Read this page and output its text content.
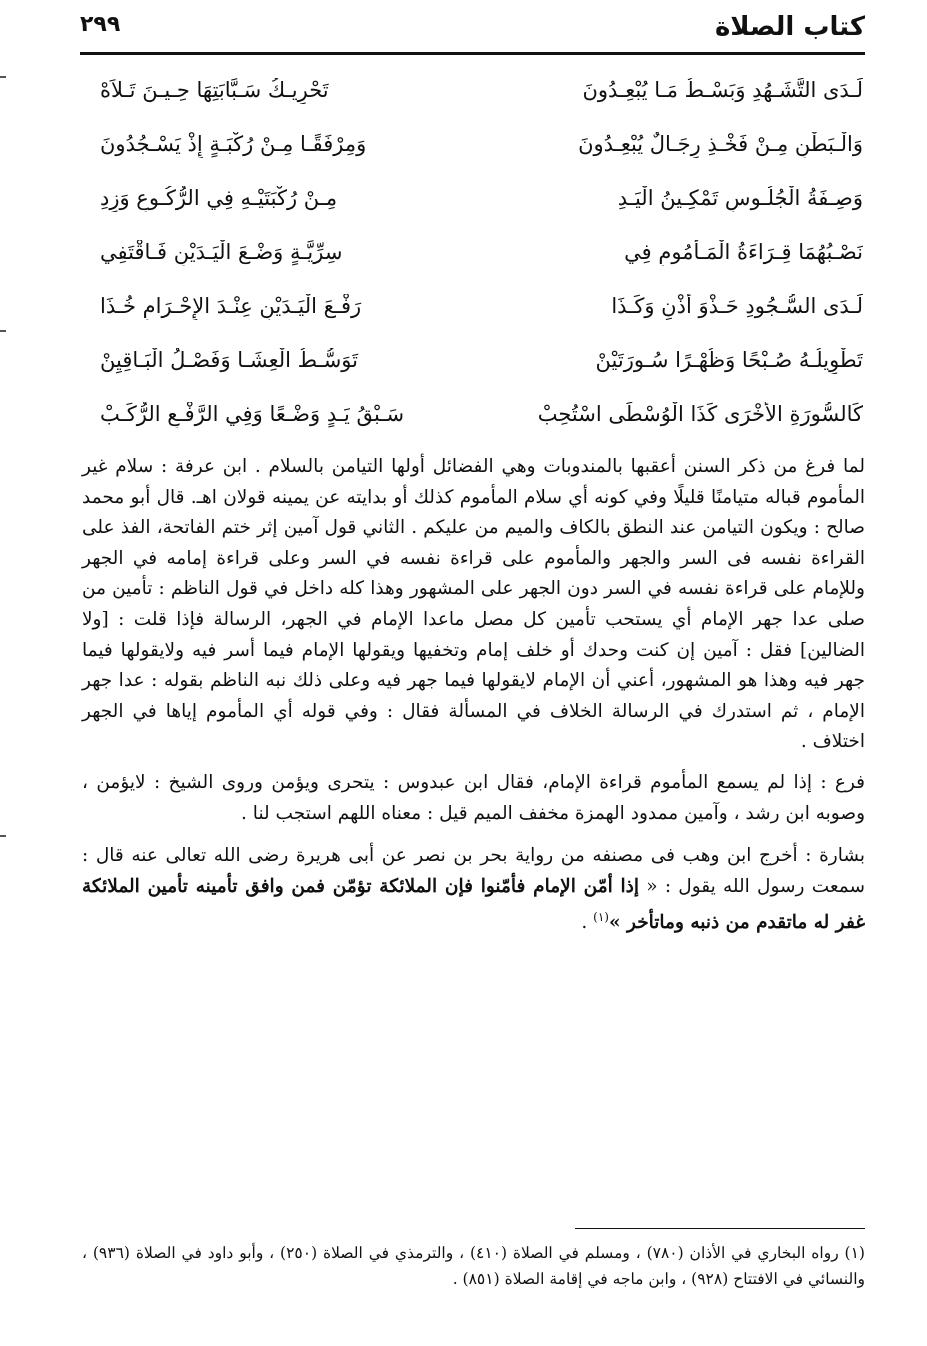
كتاب الصلاة
٢٩٩
لَـدَى التَّشَـهُدِ وَبَسْـطُ مَـا يُبْعِـدُونَ
تَحْرِيـكُ سَـبَّابَتِهَا حِـيـنَ تَـلاَهْ
وَالْـبَطْنِ مِـنْ فَخْـذِ رِجَـالٌ يُبْعِـدُونَ
وَمِرْفَقًـا مِـنْ رُكْبَـةٍ إِذْ يَسْـجُدُونَ
وَصِـفَةُ الْجُلُـوسِ تَمْكِـينُ الْيَـدِ
مِـنْ رُكْبَتَيْـهِ فِي الرُّكُـوعِ وَزِدِ
نَصْـبُهُمَا قِـرَاءَةُ الْمَـأْمُومِ فِي
سِرِّيَّـةٍ وَضْـعَ الْيَـدَيْنِ فَـاقْتَفِي
لَـدَى السُّـجُودِ حَـذْوَ أُذْنٍ وَكَـذَا
رَفْـعَ الْيَـدَيْنِ عِنْـدَ الإِحْـرَامِ خُـذَا
تَطْوِيلُـهُ صُـبْحًا وَظُهْـرًا سُـورَتَيْنْ
تَوَسُّـطُ الْعِشَـا وَفَصْـلُ الْبَـاقِيِنْ
كَالسُّورَةِ الأُخْرَى كَذَا الْوُسْطَى اسْتُحِبْ
سَـبْقُ يَـدٍ وَضْـعًا وَفِي الرَّفْـعِ الرُّكَـبْ

لما فرغ من ذكر السنن أعقبها بالمندوبات وهي الفضائل أولها التيامن بالسلام . ابن عرفة : سلام غير المأموم قباله متيامنًا قليلًا وفي كونه أي سلام المأموم كذلك أو بدايته عن يمينه قولان اهـ. قال أبو محمد صالح : ويكون التيامن عند النطق بالكاف والميم من عليكم . الثاني قول آمين إثر ختم الفاتحة، الفذ على القراءة نفسه فى السر والجهر والمأموم على قراءة نفسه في السر وعلى قراءة إمامه في الجهر وللإمام على قراءة نفسه في السر دون الجهر على المشهور وهذا كله داخل في قول الناظم : تأمين من صلى عدا جهر الإمام أي يستحب تأمين كل مصل ماعدا الإمام في الجهر، الرسالة فإذا قلت : [ولا الضالين] فقل : آمين إن كنت وحدك أو خلف إمام وتخفيها ويقولها الإمام فيما أسر فيه ولايقولها فيما جهر فيه وهذا هو المشهور، أعني أن الإمام لايقولها فيما جهر فيه وعلى ذلك نبه الناظم بقوله : عدا جهر الإمام ، ثم استدرك في الرسالة الخلاف في المسألة فقال : وفي قوله أي المأموم إياها في الجهر اختلاف .

فرع : إذا لم يسمع المأموم قراءة الإمام، فقال ابن عبدوس : يتحرى ويؤمن وروى الشيخ : لايؤمن ، وصوبه ابن رشد ، وآمين ممدود الهمزة مخفف الميم قيل : معناه اللهم استجب لنا .

بشارة : أخرج ابن وهب فى مصنفه من رواية بحر بن نصر عن أبى هريرة رضى الله تعالى عنه قال : سمعت رسول الله يقول : « إذا أمّن الإمام فأمّنوا فإن الملائكة تؤمّن فمن وافق تأمينه تأمين الملائكة غفر له ماتقدم من ذنبه وماتأخر »$^{(١)}$ .

(١) رواه البخاري في الأذان (٧٨٠) ، ومسلم في الصلاة (٤١٠) ، والترمذي في الصلاة (٢٥٠) ، وأبو داود في الصلاة (٩٣٦) ، والنسائي في الافتتاح (٩٢٨) ، وابن ماجه في إقامة الصلاة (٨٥١) .
